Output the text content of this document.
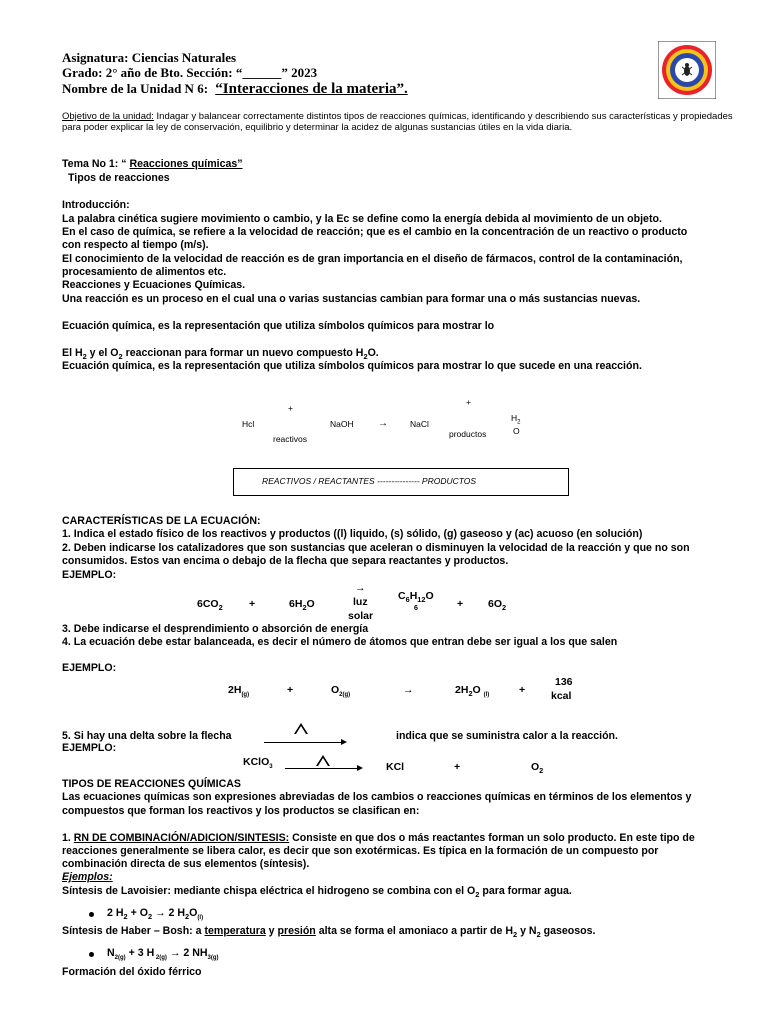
Asignatura: Ciencias Naturales
Grado: 2° año de Bto. Sección: “______” 2023
Nombre de la Unidad N 6: “Interacciones de la materia”.
Objetivo de la unidad: Indagar y balancear correctamente distintos tipos de reacciones químicas, identificando y describiendo sus características y propiedades para poder explicar la ley de conservación, equilibrio y determinar la acidez de algunas sustancias útiles en la vida diaria.
Tema No 1: “ Reacciones químicas”
Tipos de reacciones
Introducción:
La palabra cinética sugiere movimiento o cambio, y la Ec se define como la energía debida al movimiento de un objeto.
En el caso de química, se refiere a la velocidad de reacción; que es el cambio en la concentración de un reactivo o producto
con respecto al tiempo (m/s).
El conocimiento de la velocidad de reacción es de gran importancia en el diseño de fármacos, control de la contaminación,
procesamiento de alimentos etc.
Reacciones y Ecuaciones Químicas.
Una reacción es un proceso en el cual una o varias sustancias cambian para formar una o más sustancias nuevas.
Ecuación química, es la representación que utiliza símbolos químicos para mostrar lo
El $H_2$ y el $O_2$ reaccionan para formar un nuevo compuesto $H_2O$.
Ecuación química, es la representación que utiliza símbolos químicos para mostrar lo que sucede en una reacción.
+
Hcl
reactivos
NaOH →	NaCl
+
productos
$H_2$
O
REACTIVOS / REACTANTES --------------- PRODUCTOS
CARACTERÍSTICAS DE LA ECUACIÓN:
1. Indica el estado físico de los reactivos y productos ((l) liquido, (s) sólido, (g) gaseoso y (ac) acuoso (en solución)
2. Deben indicarse los catalizadores que son sustancias que aceleran o disminuyen la velocidad de la reacción y que no son
consumidos. Estos van encima o debajo de la flecha que separa reactantes y productos.
EJEMPLO:
$6CO_2$	+	$6H_2O$
→
luz
solar
$C_6H_{12}O$
6	+ $6O_2$
3. Debe indicarse el desprendimiento o absorción de energía
4. La ecuación debe estar balanceada, es decir el número de átomos que entran debe ser igual a los que salen
EJEMPLO:
$2H_{(g)}$	+	$O_{2(g)}$	→	$2H_2O$ $_{(l)}$	+
136
kcal
5. Si hay una delta sobre la flecha	indica que se suministra calor a la reacción.
EJEMPLO:
KClO$_3$	KCl	+	$O_2$
TIPOS DE REACCIONES QUÍMICAS
Las ecuaciones químicas son expresiones abreviadas de los cambios o reacciones químicas en términos de los elementos y
compuestos que forman los reactivos y los productos se clasifican en:
1. RN DE COMBINACIÓN/ADICION/SINTESIS: Consiste en que dos o más reactantes forman un solo producto. En este tipo de
reacciones generalmente se libera calor, es decir que son exotérmicas. Es típica en la formación de un compuesto por
combinación directa de sus elementos (síntesis).
Ejemplos:
Síntesis de Lavoisier: mediante chispa eléctrica el hidrogeno se combina con el $O_2$ para formar agua.
2 $H_2 + O_2 \to 2$ $H_2O_{(l)}$
Síntesis de Haber – Bosh: a temperatura y presión alta se forma el amoniaco a partir de $H_2$ y $N_2$ gaseosos.
$N_{2(g)} + 3$ H $_{2(g)}$ → 2 $NH_{3(g)}$
Formación del óxido férrico
